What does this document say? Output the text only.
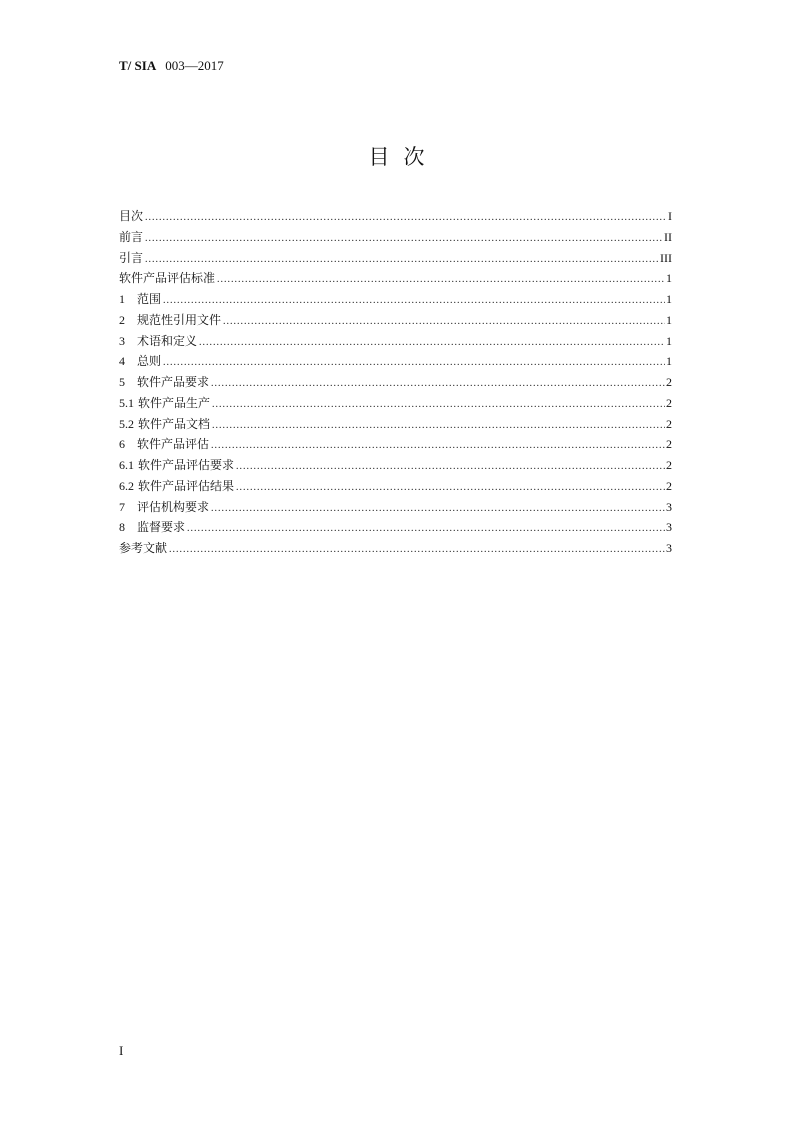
T/ SIA 003—2017
目次
目次 .....	I
前言 .....	II
引言 .....	III
软件产品评估标准 .....	1
1	范围 .....	1
2	规范性引用文件 .....	1
3	术语和定义 .....	1
4	总则 .....	1
5	软件产品要求 .....	2
5.1 软件产品生产 .....	2
5.2 软件产品文档 .....	2
6	软件产品评估 .....	2
6.1 软件产品评估要求 .....	2
6.2 软件产品评估结果 .....	2
7	评估机构要求 .....	3
8	监督要求 .....	3
参考文献 .....	3
I
